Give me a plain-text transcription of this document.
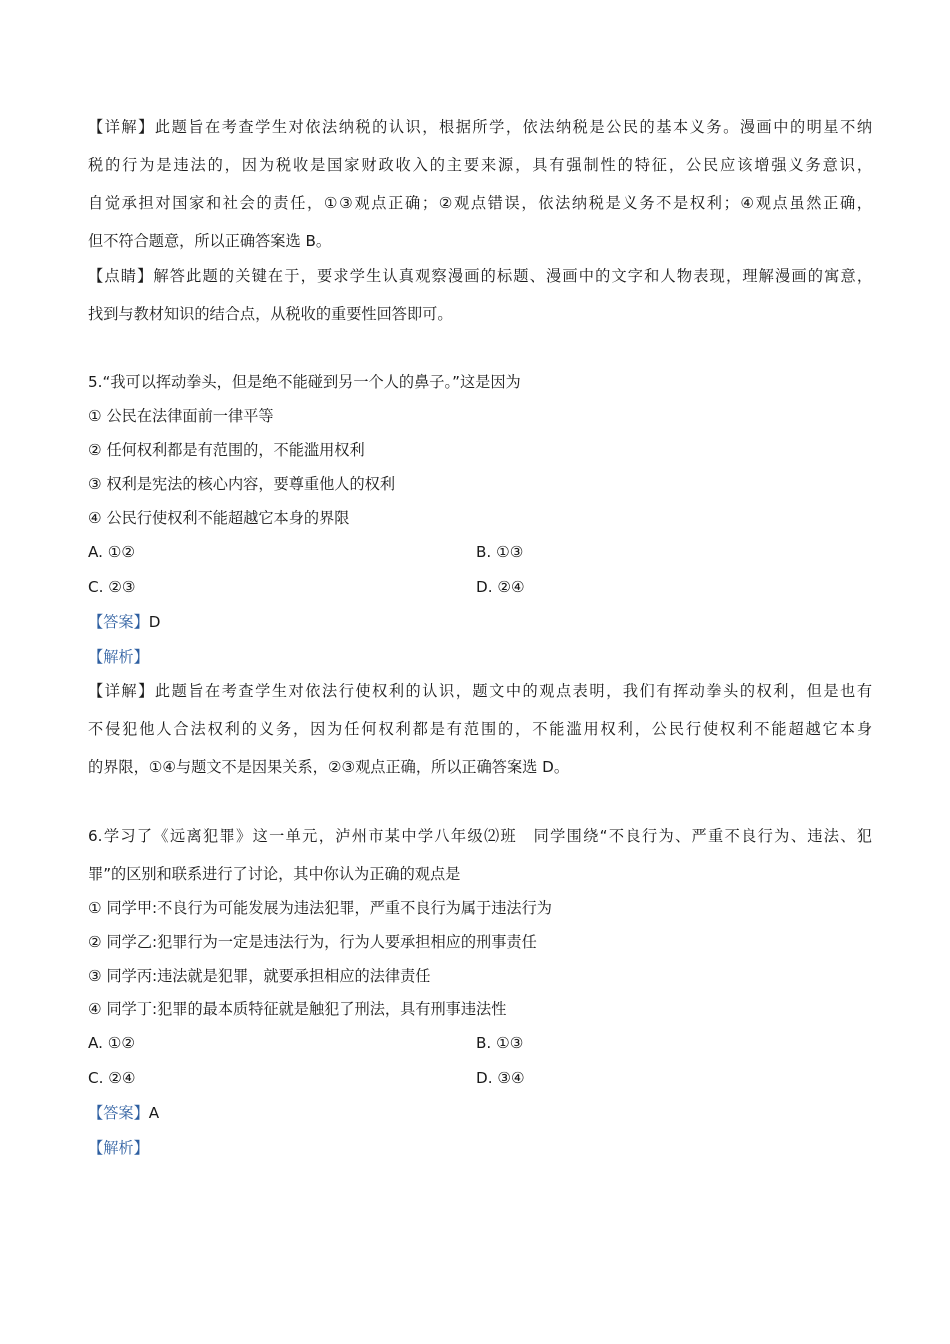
【详解】此题旨在考查学生对依法纳税的认识，根据所学，依法纳税是公民的基本义务。漫画中的明星不纳
税的行为是违法的，因为税收是国家财政收入的主要来源，具有强制性的特征，公民应该增强义务意识，
自觉承担对国家和社会的责任，①③观点正确；②观点错误，依法纳税是义务不是权利；④观点虽然正确，
但不符合题意，所以正确答案选 B。
【点睛】解答此题的关键在于，要求学生认真观察漫画的标题、漫画中的文字和人物表现，理解漫画的寓意，
找到与教材知识的结合点，从税收的重要性回答即可。
5.“我可以挥动拳头，但是绝不能碰到另一个人的鼻子。”这是因为
① 公民在法律面前一律平等
② 任何权利都是有范围的，不能滥用权利
③ 权利是宪法的核心内容，要尊重他人的权利
④ 公民行使权利不能超越它本身的界限
A. ①②	B. ①③
C. ②③	D. ②④
【答案】D
【解析】
【详解】此题旨在考查学生对依法行使权利的认识，题文中的观点表明，我们有挥动拳头的权利，但是也有
不侵犯他人合法权利的义务，因为任何权利都是有范围的，不能滥用权利，公民行使权利不能超越它本身
的界限，①④与题文不是因果关系，②③观点正确，所以正确答案选 D。
6.学习了《远离犯罪》这一单元，泸州市某中学八年级⑵班　同学围绕“不良行为、严重不良行为、违法、犯
罪”的区别和联系进行了讨论，其中你认为正确的观点是
① 同学甲:不良行为可能发展为违法犯罪，严重不良行为属于违法行为
② 同学乙:犯罪行为一定是违法行为，行为人要承担相应的刑事责任
③ 同学丙:违法就是犯罪，就要承担相应的法律责任
④ 同学丁:犯罪的最本质特征就是触犯了刑法，具有刑事违法性
A. ①②	B. ①③
C. ②④	D. ③④
【答案】A
【解析】
